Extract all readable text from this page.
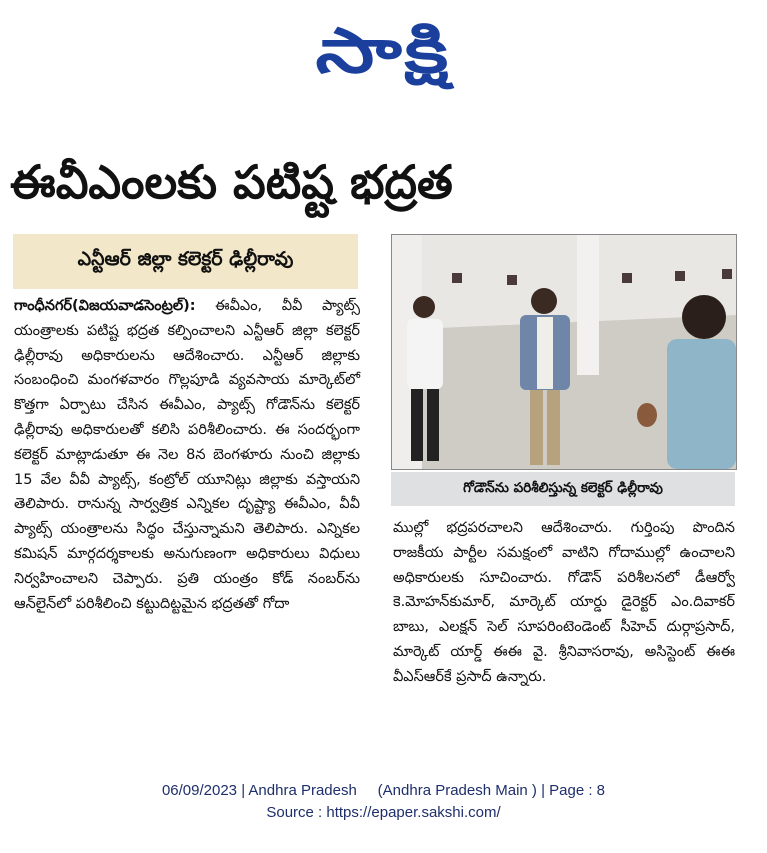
సాక్షి
ఈవీఎంలకు పటిష్ట భద్రత
ఎన్టీఆర్‌ జిల్లా కలెక్టర్‌ ఢిల్లీరావు
గాంధీనగర్‌(విజయవాడసెంట్రల్‌): ఈవీఎం, వీవీ ప్యాట్స్‌ యంత్రాలకు పటిష్ట భద్రత కల్పించాలని ఎన్టీఆర్‌ జిల్లా కలెక్టర్‌ ఢిల్లీరావు అధికారులను ఆదేశించారు. ఎన్టీఆర్‌ జిల్లాకు సంబంధించి మంగళవారం గొల్లపూడి వ్యవసాయ మార్కెట్‌లో కొత్తగా ఏర్పాటు చేసిన ఈవీఎం, ప్యాట్స్‌ గోడౌన్‌ను కలెక్టర్‌ ఢిల్లీరావు అధికారులతో కలిసి పరిశీలించారు. ఈ సందర్భంగా కలెక్టర్‌ మాట్లాడుతూ ఈ నెల 8న బెంగళూరు నుంచి జిల్లాకు 15 వేల వీవీ ప్యాట్స్‌, కంట్రోల్‌ యూనిట్లు జిల్లాకు వస్తాయని తెలిపారు. రానున్న సార్వత్రిక ఎన్నికల దృష్ట్యా ఈవీఎం, వీవీ ప్యాట్స్‌ యంత్రాలను సిద్ధం చేస్తున్నామని తెలిపారు. ఎన్నికల కమిషన్‌ మార్గదర్శకాలకు అనుగుణంగా అధికారులు విధులు నిర్వహించాలని చెప్పారు. ప్రతి యంత్రం కోడ్‌ నంబర్‌ను ఆన్‌లైన్‌లో పరిశీలించి కట్టుదిట్టమైన భద్రతతో గోదా
గోడౌన్‌ను పరిశీలిస్తున్న కలెక్టర్‌ ఢిల్లీరావు
ముల్లో భద్రపరచాలని ఆదేశించారు. గుర్తింపు పొందిన రాజకీయ పార్టీల సమక్షంలో వాటిని గోదాముల్లో ఉంచాలని అధికారులకు సూచించారు. గోడౌన్‌ పరిశీలనలో డీఆర్వో కె.మోహన్‌కుమార్‌, మార్కెట్‌ యార్డు డైరెక్టర్‌ ఎం.దివాకర్‌ బాబు, ఎలక్షన్‌ సెల్‌ సూపరింటెండెంట్‌ సీహెచ్‌ దుర్గాప్రసాద్‌, మార్కెట్‌ యార్డ్‌ ఈఈ వై. శ్రీనివాసరావు, అసిస్టెంట్‌ ఈఈ వీఎస్‌ఆర్‌కే ప్రసాద్‌ ఉన్నారు.
06/09/2023 | Andhra Pradesh     (Andhra Pradesh Main ) | Page : 8
Source : https://epaper.sakshi.com/
